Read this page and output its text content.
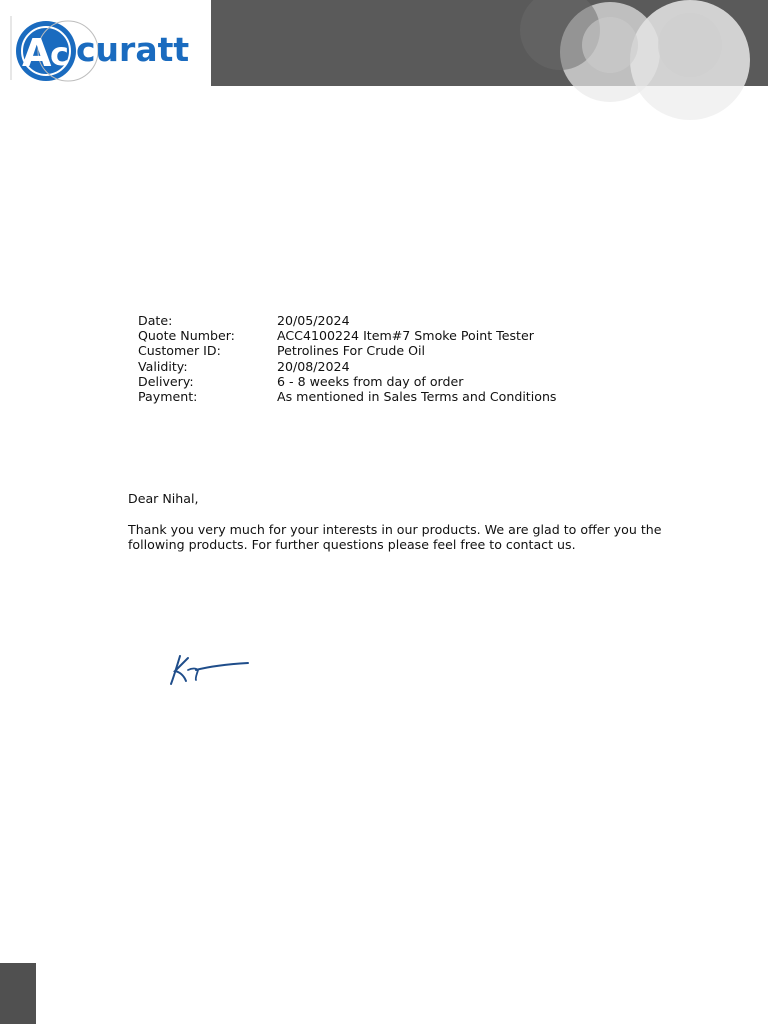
A
c curatt
Date:	20/05/2024
Quote Number:	ACC4100224 Item#7 Smoke Point Tester
Customer ID:	Petrolines For Crude Oil
Validity:	20/08/2024
Delivery:	6 - 8 weeks from day of order
Payment:	As mentioned in Sales Terms and Conditions
Dear Nihal,
Thank you very much for your interests in our products. We are glad to offer you the following products. For further questions please feel free to contact us.
